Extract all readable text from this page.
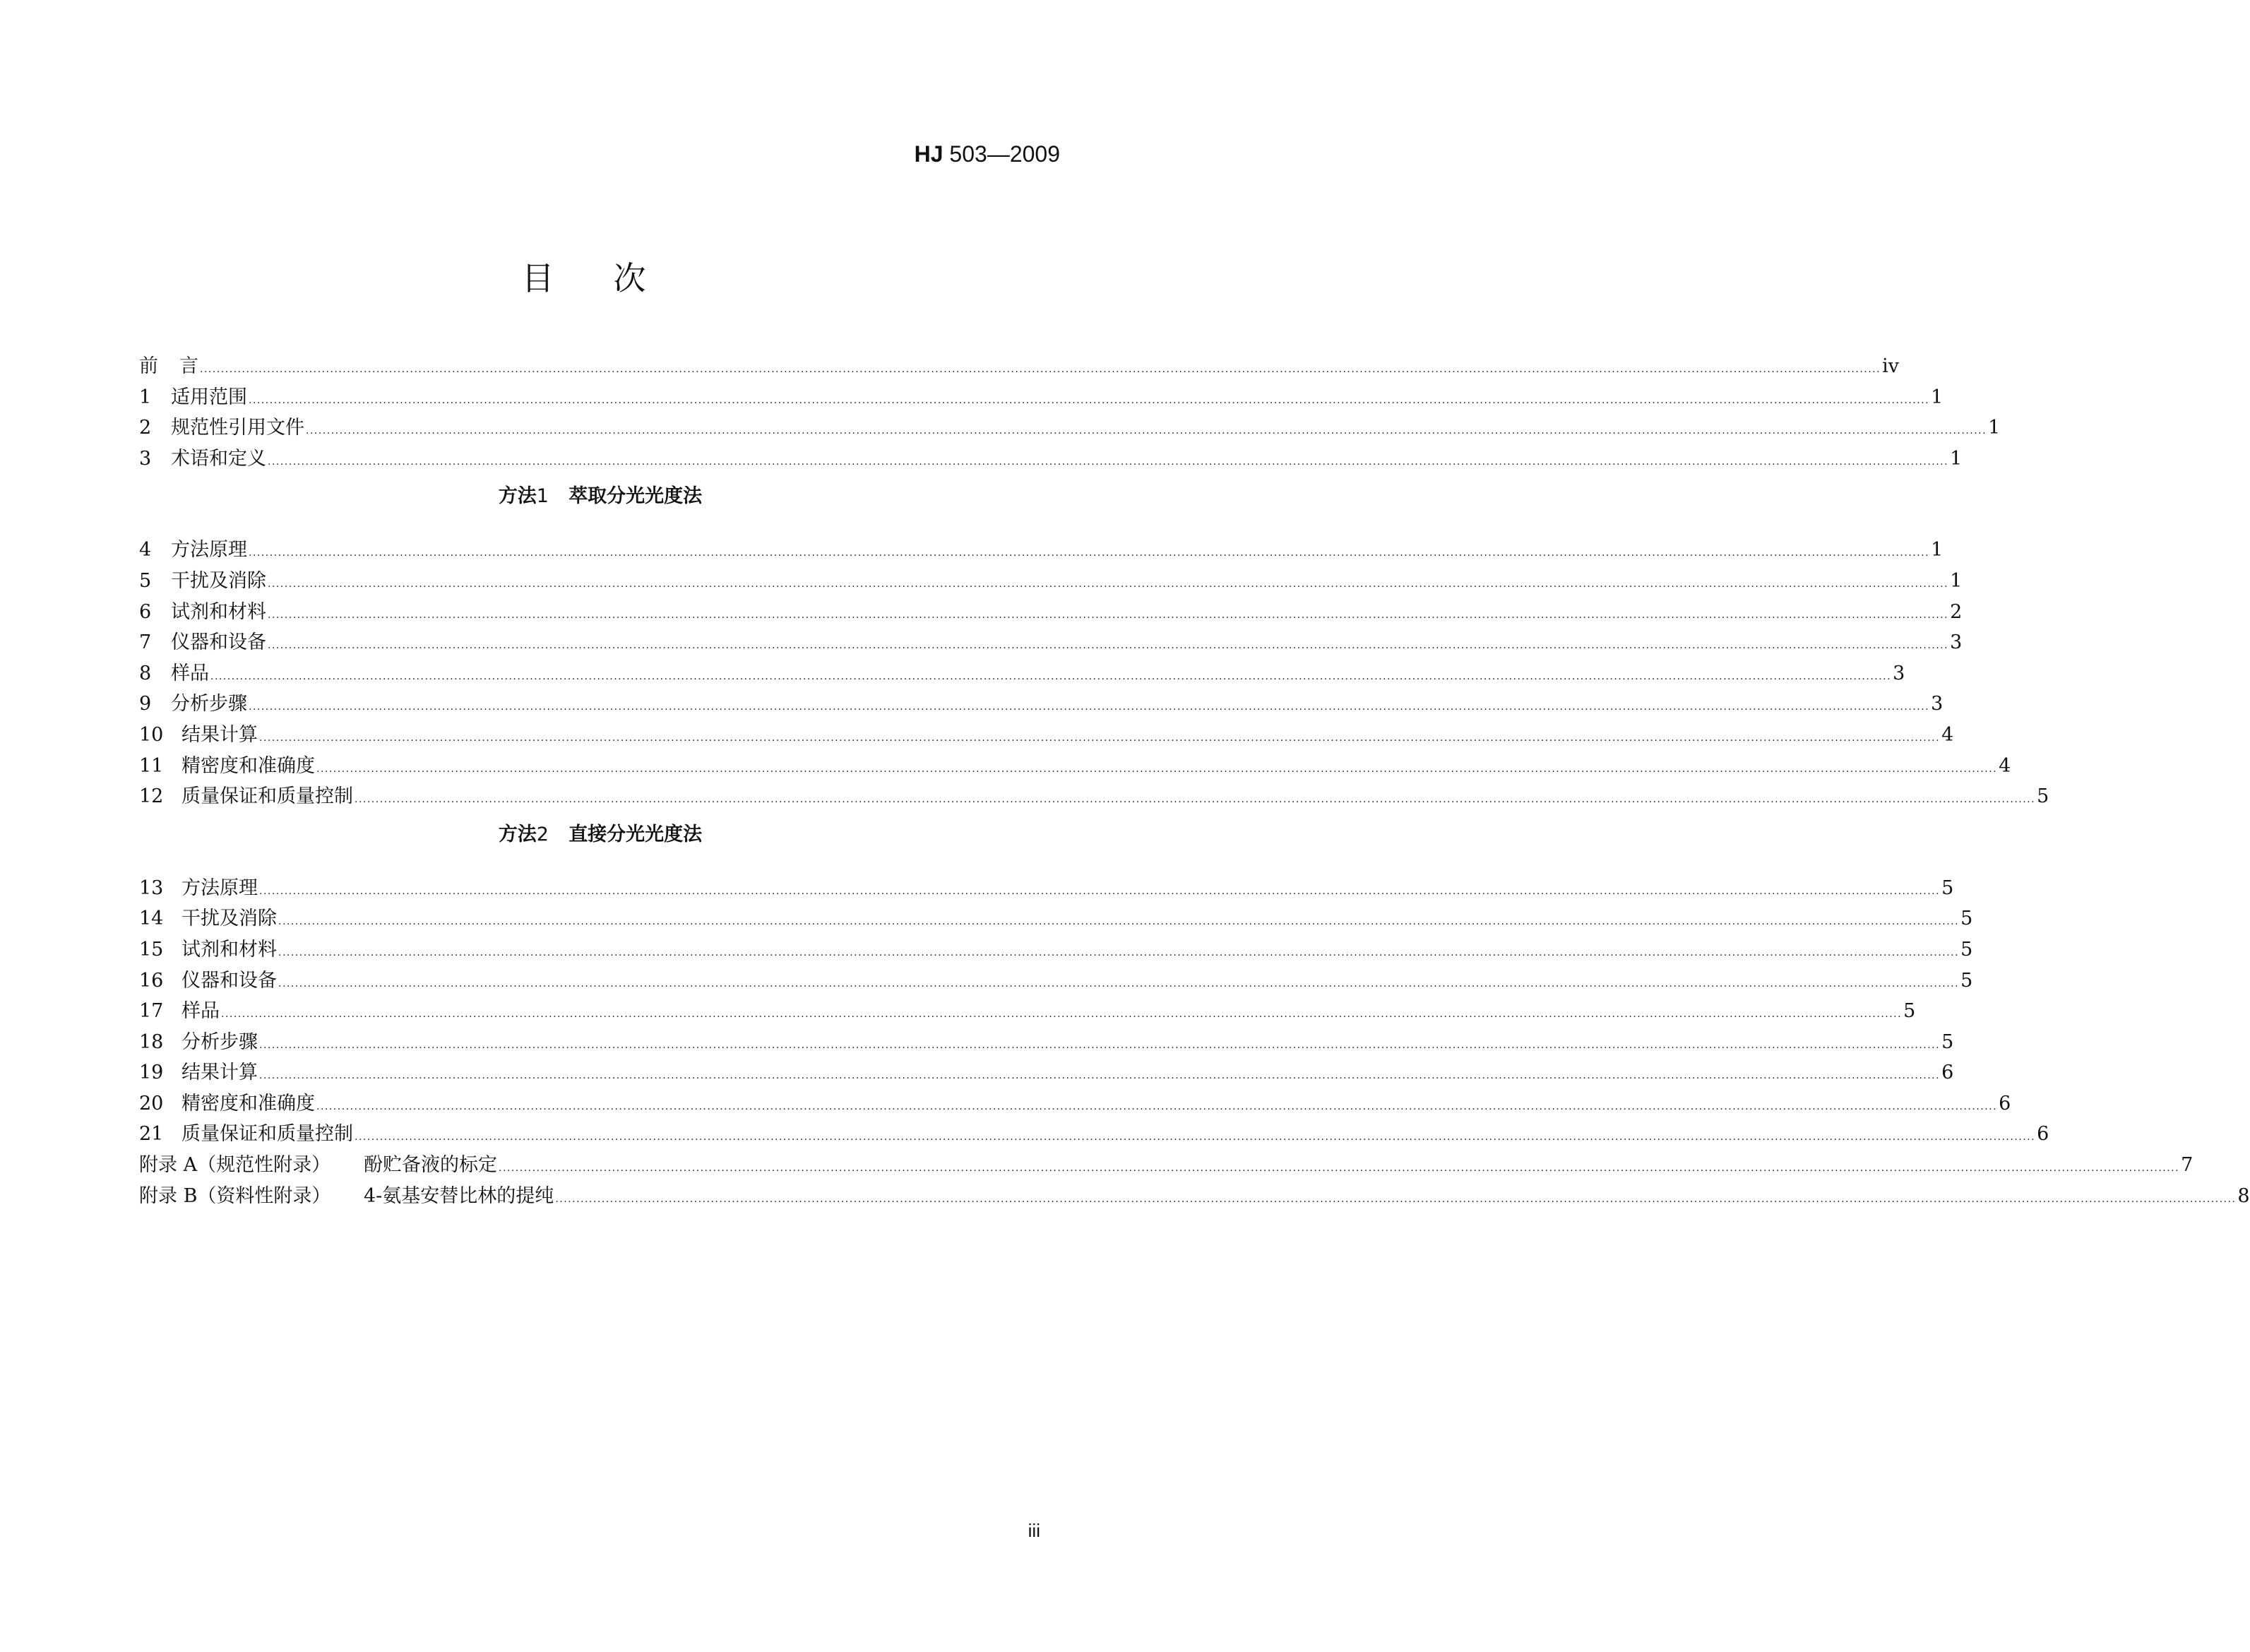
HJ 503—2009
目次
前言 ................................................................................................................................................................................................................................................................................................................................................................................................................ iv
1	适用范围 ................................................................................................................................................................................................................................................................................................................................................................................................................ 1
2	规范性引用文件 ................................................................................................................................................................................................................................................................................................................................................................................................................ 1
3	术语和定义 ................................................................................................................................................................................................................................................................................................................................................................................................................ 1
方法1 萃取分光光度法
4	方法原理 ................................................................................................................................................................................................................................................................................................................................................................................................................ 1
5	干扰及消除 ................................................................................................................................................................................................................................................................................................................................................................................................................ 1
6	试剂和材料 ................................................................................................................................................................................................................................................................................................................................................................................................................ 2
7	仪器和设备 ................................................................................................................................................................................................................................................................................................................................................................................................................ 3
8	样品 ................................................................................................................................................................................................................................................................................................................................................................................................................ 3
9	分析步骤 ................................................................................................................................................................................................................................................................................................................................................................................................................ 3
10 结果计算 ................................................................................................................................................................................................................................................................................................................................................................................................................ 4
11 精密度和准确度 ................................................................................................................................................................................................................................................................................................................................................................................................................ 4
12 质量保证和质量控制 ................................................................................................................................................................................................................................................................................................................................................................................................................ 5
方法2 直接分光光度法
13 方法原理 ................................................................................................................................................................................................................................................................................................................................................................................................................ 5
14 干扰及消除 ................................................................................................................................................................................................................................................................................................................................................................................................................ 5
15 试剂和材料 ................................................................................................................................................................................................................................................................................................................................................................................................................ 5
16 仪器和设备 ................................................................................................................................................................................................................................................................................................................................................................................................................ 5
17 样品 ................................................................................................................................................................................................................................................................................................................................................................................................................ 5
18 分析步骤 ................................................................................................................................................................................................................................................................................................................................................................................................................ 5
19 结果计算 ................................................................................................................................................................................................................................................................................................................................................................................................................ 6
20 精密度和准确度 ................................................................................................................................................................................................................................................................................................................................................................................................................ 6
21 质量保证和质量控制 ................................................................................................................................................................................................................................................................................................................................................................................................................ 6
附录 A（规范性附录）	酚贮备液的标定 ................................................................................................................................................................................................................................................................................................................................................................................................................ 7
附录 B（资料性附录）	4-氨基安替比林的提纯 ................................................................................................................................................................................................................................................................................................................................................................................................................ 8
iii
